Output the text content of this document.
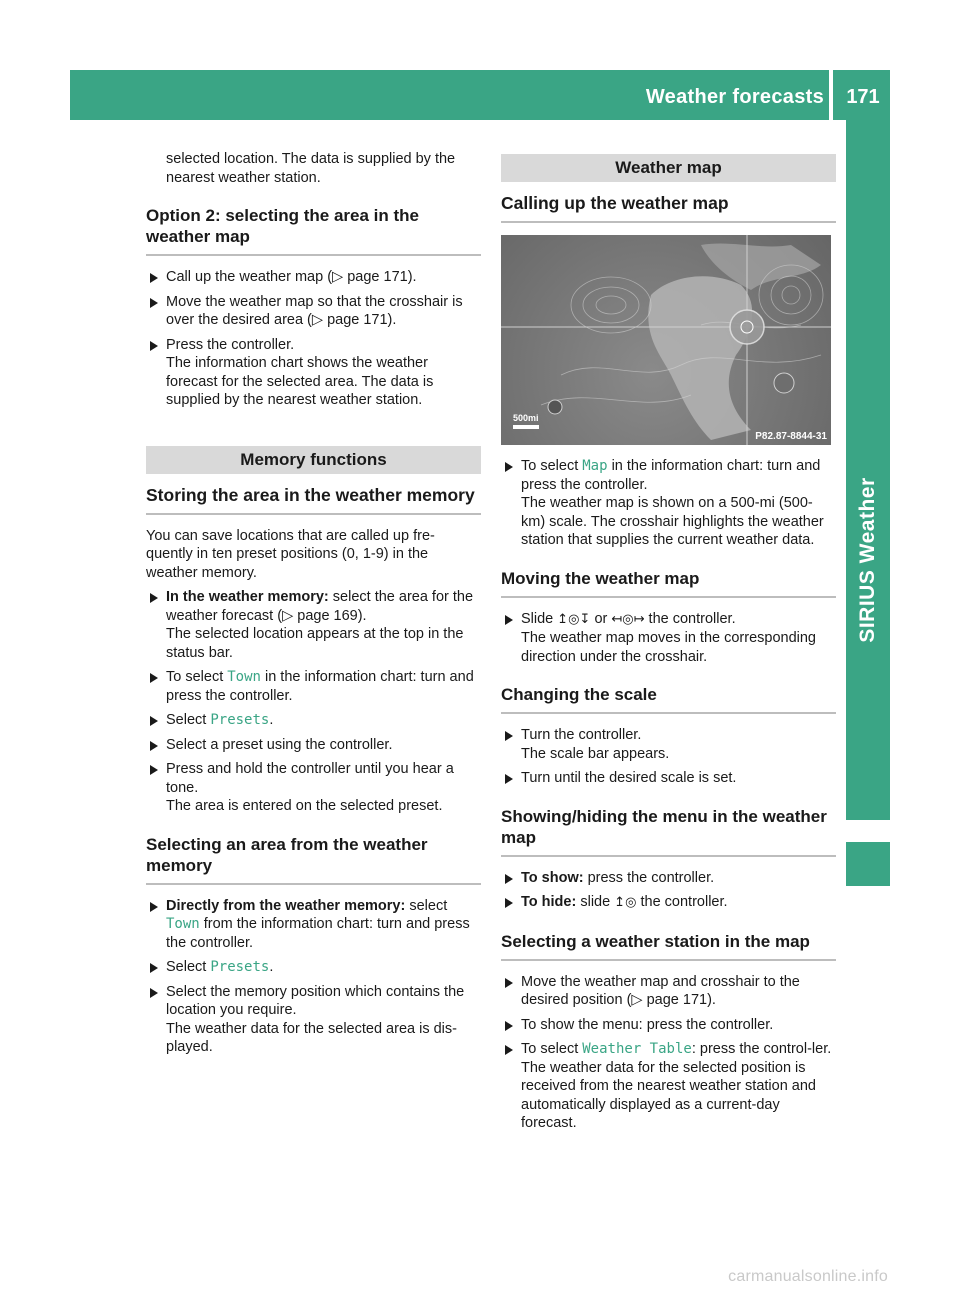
Weather forecasts	171
SIRIUS Weather

selected location. The data is supplied by the nearest weather station.

Option 2: selecting the area in the weather map
Call up the weather map (▷ page 171).
Move the weather map so that the crosshair is over the desired area (▷ page 171).
Press the controller.
The information chart shows the weather forecast for the selected area. The data is supplied by the nearest weather station.
Memory functions
Storing the area in the weather memory

You can save locations that are called up fre-quently in ten preset positions (0, 1-9) in the weather memory.

In the weather memory: select the area for the weather forecast (▷ page 169).
The selected location appears at the top in the status bar.
To select Town in the information chart: turn and press the controller.
Select Presets.
Select a preset using the controller.
Press and hold the controller until you hear a tone.
The area is entered on the selected preset.
Selecting an area from the weather memory
Directly from the weather memory: select Town from the information chart: turn and press the controller.
Select Presets.
Select the memory position which contains the location you require.
The weather data for the selected area is dis-played.
Weather map
Calling up the weather map
500mi
P82.87-8844-31
To select Map in the information chart: turn and press the controller.
The weather map is shown on a 500-mi (500-km) scale. The crosshair highlights the weather station that supplies the current weather data.
Moving the weather map
Slide ↥◎↧ or ↤◎↦ the controller.
The weather map moves in the corresponding direction under the crosshair.
Changing the scale
Turn the controller.
The scale bar appears.
Turn until the desired scale is set.
Showing/hiding the menu in the weather map
To show: press the controller.
To hide: slide ↥◎ the controller.
Selecting a weather station in the map
Move the weather map and crosshair to the desired position (▷ page 171).
To show the menu: press the controller.
To select Weather Table: press the control-ler.
The weather data for the selected position is received from the nearest weather station and automatically displayed as a current-day forecast.
carmanualsonline.info
